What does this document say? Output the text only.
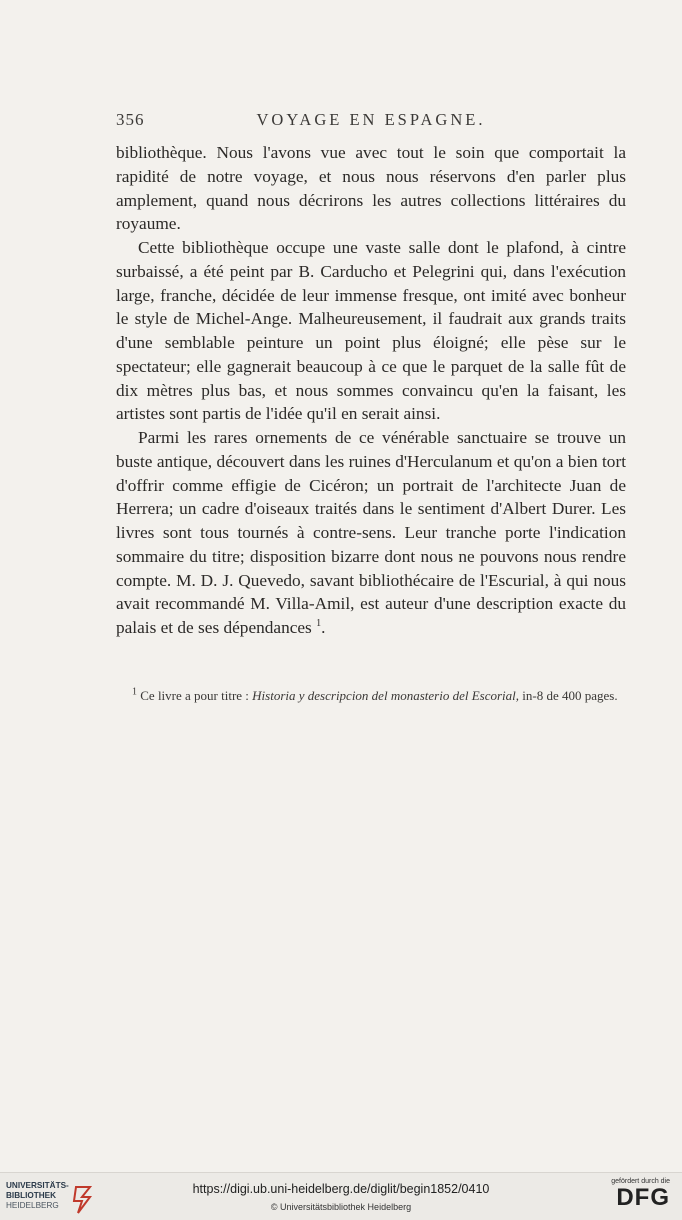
356	VOYAGE EN ESPAGNE.

bibliothèque. Nous l'avons vue avec tout le soin que comportait la rapidité de notre voyage, et nous nous réservons d'en parler plus amplement, quand nous décrirons les autres collections littéraires du royaume.

Cette bibliothèque occupe une vaste salle dont le plafond, à cintre surbaissé, a été peint par B. Carducho et Pelegrini qui, dans l'exécution large, franche, décidée de leur immense fresque, ont imité avec bonheur le style de Michel-Ange. Malheureusement, il faudrait aux grands traits d'une semblable peinture un point plus éloigné; elle pèse sur le spectateur; elle gagnerait beaucoup à ce que le parquet de la salle fût de dix mètres plus bas, et nous sommes convaincu qu'en la faisant, les artistes sont partis de l'idée qu'il en serait ainsi.

Parmi les rares ornements de ce vénérable sanctuaire se trouve un buste antique, découvert dans les ruines d'Herculanum et qu'on a bien tort d'offrir comme effigie de Cicéron; un portrait de l'architecte Juan de Herrera; un cadre d'oiseaux traités dans le sentiment d'Albert Durer. Les livres sont tous tournés à contre-sens. Leur tranche porte l'indication sommaire du titre; disposition bizarre dont nous ne pouvons nous rendre compte. M. D. J. Quevedo, savant bibliothécaire de l'Escurial, à qui nous avait recommandé M. Villa-Amil, est auteur d'une description exacte du palais et de ses dépendances $^1$.

$^1$ Ce livre a pour titre : Historia y descripcion del monasterio del Escorial, in-8 de 400 pages.
UNIVERSITÄTS-
BIBLIOTHEK
HEIDELBERG
https://digi.ub.uni-heidelberg.de/diglit/begin1852/0410
© Universitätsbibliothek Heidelberg
gefördert durch die
DFG
